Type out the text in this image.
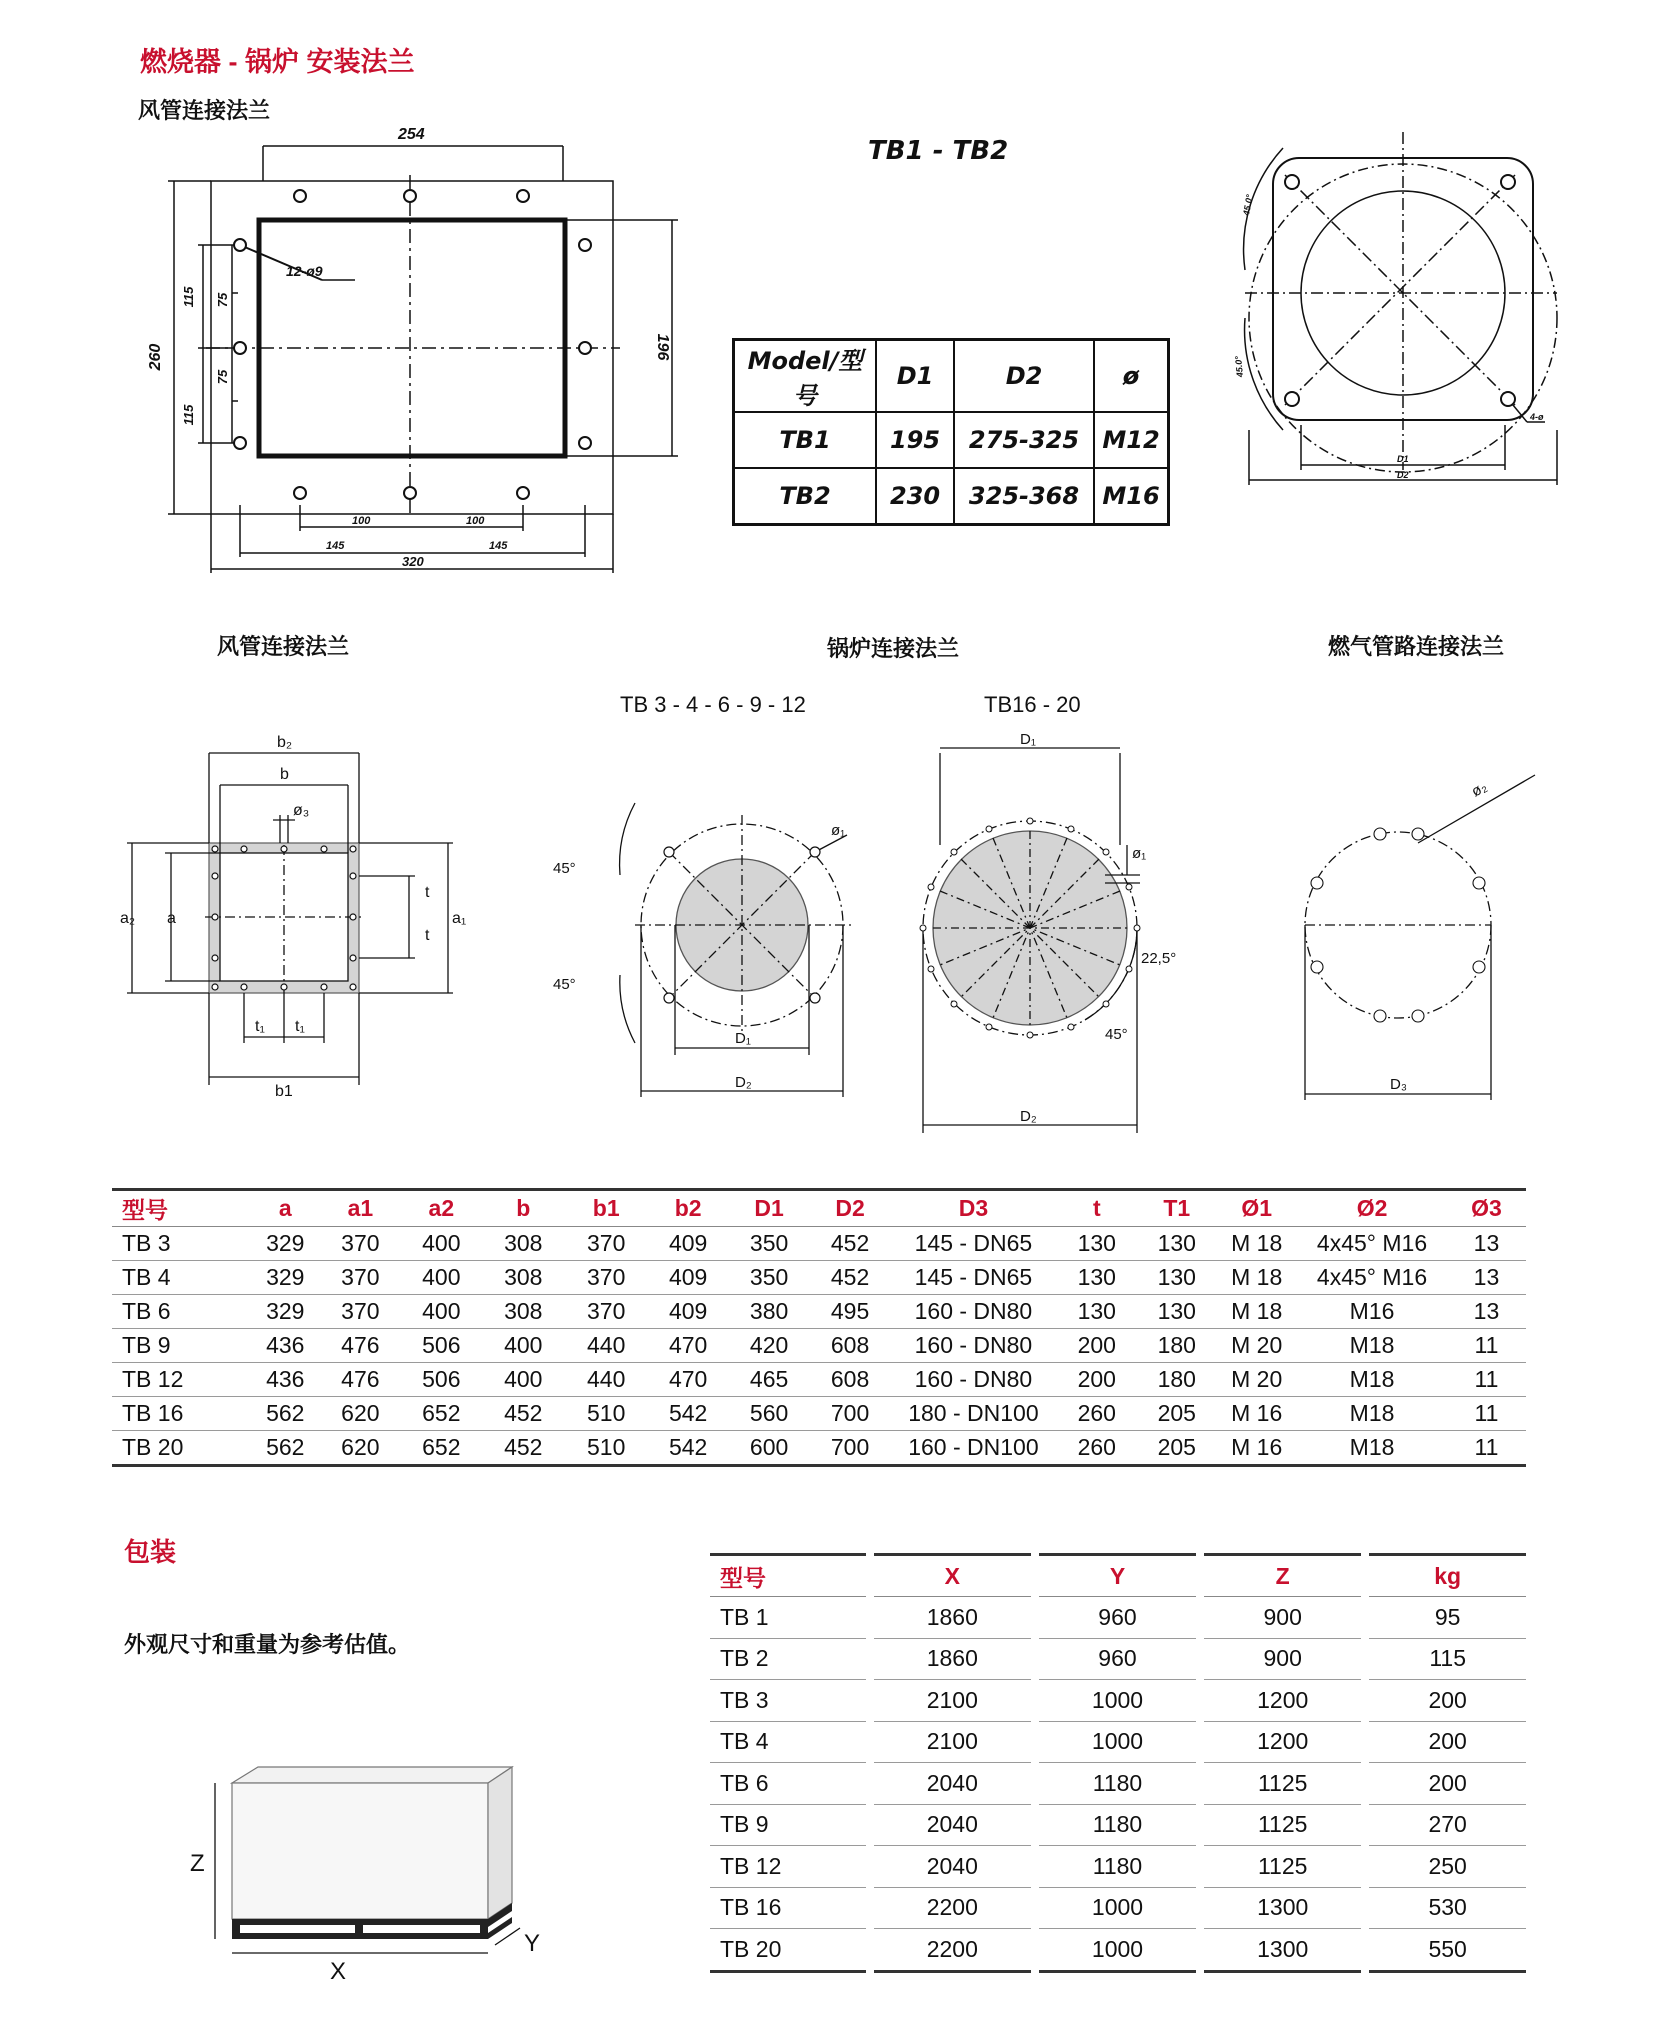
燃烧器 - 锅炉 安装法兰
风管连接法兰
TB1 - TB2
254
260	196
115 75
75
115
100	100
145	145
320
12-ø9
Model/型号	D1	D2	ø
TB1	195	275-325	M12
TB2	230	325-368	M16
45.0°
45.0°
D1
D2
4-ø
风管连接法兰	锅炉连接法兰	燃气管路连接法兰
TB 3 - 4 - 6 - 9 - 12	TB16 - 20
b₂
b
ø₃
a₂ a	a₁
t
t
t₁ t₁
b1
45°
45°
ø₁
D₁
D₂
D₁
ø₁
22,5°
45°
D₂
ø₂
D₃
型号	a	a1	a2	b	b1	b2	D1	D2	D3	t	T1	Ø1	Ø2	Ø3
TB 3	329	370	400	308	370	409	350	452	145 - DN65	130	130	M 18	4x45° M16	13
TB 4	329	370	400	308	370	409	350	452	145 - DN65	130	130	M 18	4x45° M16	13
TB 6	329	370	400	308	370	409	380	495	160 - DN80	130	130	M 18	M16	13
TB 9	436	476	506	400	440	470	420	608	160 - DN80	200	180	M 20	M18	11
TB 12	436	476	506	400	440	470	465	608	160 - DN80	200	180	M 20	M18	11
TB 16	562	620	652	452	510	542	560	700	180 - DN100	260	205	M 16	M18	11
TB 20	562	620	652	452	510	542	600	700	160 - DN100	260	205	M 16	M18	11
包装
外观尺寸和重量为参考估值。
型号	X	Y	Z	kg
TB 1	1860	960	900	95
TB 2	1860	960	900	115
TB 3	2100	1000	1200	200
TB 4	2100	1000	1200	200
TB 6	2040	1180	1125	200
TB 9	2040	1180	1125	270
TB 12	2040	1180	1125	250
TB 16	2200	1000	1300	530
TB 20	2200	1000	1300	550
Z
X
Y
